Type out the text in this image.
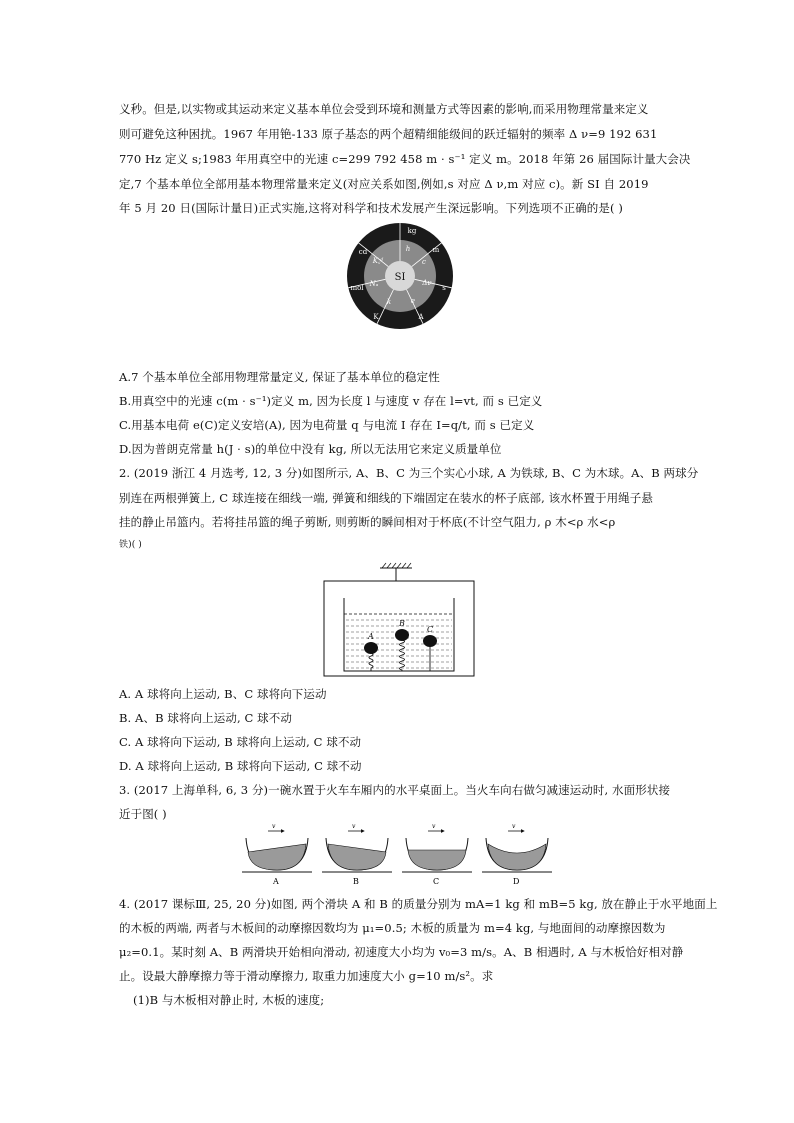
义秒。但是,以实物或其运动来定义基本单位会受到环境和测量方式等因素的影响,而采用物理常量来定义
则可避免这种困扰。1967 年用铯-133 原子基态的两个超精细能级间的跃迁辐射的频率 Δ ν=9 192 631
770 Hz 定义 s;1983 年用真空中的光速 c=299 792 458 m · s⁻¹ 定义 m。2018 年第 26 届国际计量大会决
定,7 个基本单位全部用基本物理常量来定义(对应关系如图,例如,s 对应 Δ ν,m 对应 c)。新 SI 自 2019
年 5 月 20 日(国际计量日)正式实施,这将对科学和技术发展产生深远影响。下列选项不正确的是( )
SI
kg
m
s
A
K
mol
cd	h
c
Δν
e
k
Nₐ
K꜀ᵈ
A.7 个基本单位全部用物理常量定义, 保证了基本单位的稳定性
B.用真空中的光速 c(m · s⁻¹)定义 m, 因为长度 l 与速度 v 存在 l=vt, 而 s 已定义
C.用基本电荷 e(C)定义安培(A), 因为电荷量 q 与电流 I 存在 I=q/t, 而 s 已定义
D.因为普朗克常量 h(J · s)的单位中没有 kg, 所以无法用它来定义质量单位
2. (2019 浙江 4 月选考, 12, 3 分)如图所示, A、B、C 为三个实心小球, A 为铁球, B、C 为木球。A、B 两球分
别连在两根弹簧上, C 球连接在细线一端, 弹簧和细线的下端固定在装水的杯子底部, 该水杯置于用绳子悬
挂的静止吊篮内。若将挂吊篮的绳子剪断, 则剪断的瞬间相对于杯底(不计空气阻力, ρ 木<ρ 水<ρ
铁)( )
A
B
C
A. A 球将向上运动, B、C 球将向下运动
B. A、B 球将向上运动, C 球不动
C. A 球将向下运动, B 球将向上运动, C 球不动
D. A 球将向上运动, B 球将向下运动, C 球不动
3. (2017 上海单科, 6, 3 分)一碗水置于火车车厢内的水平桌面上。当火车向右做匀减速运动时, 水面形状接
近于图( )
v
A
v
B
v
C
v
D
4. (2017 课标Ⅲ, 25, 20 分)如图, 两个滑块 A 和 B 的质量分别为 mA=1 kg 和 mB=5 kg, 放在静止于水平地面上
的木板的两端, 两者与木板间的动摩擦因数均为 μ₁=0.5; 木板的质量为 m=4 kg, 与地面间的动摩擦因数为
μ₂=0.1。某时刻 A、B 两滑块开始相向滑动, 初速度大小均为 v₀=3 m/s。A、B 相遇时, A 与木板恰好相对静
止。设最大静摩擦力等于滑动摩擦力, 取重力加速度大小 g=10 m/s²。求
(1)B 与木板相对静止时, 木板的速度;
